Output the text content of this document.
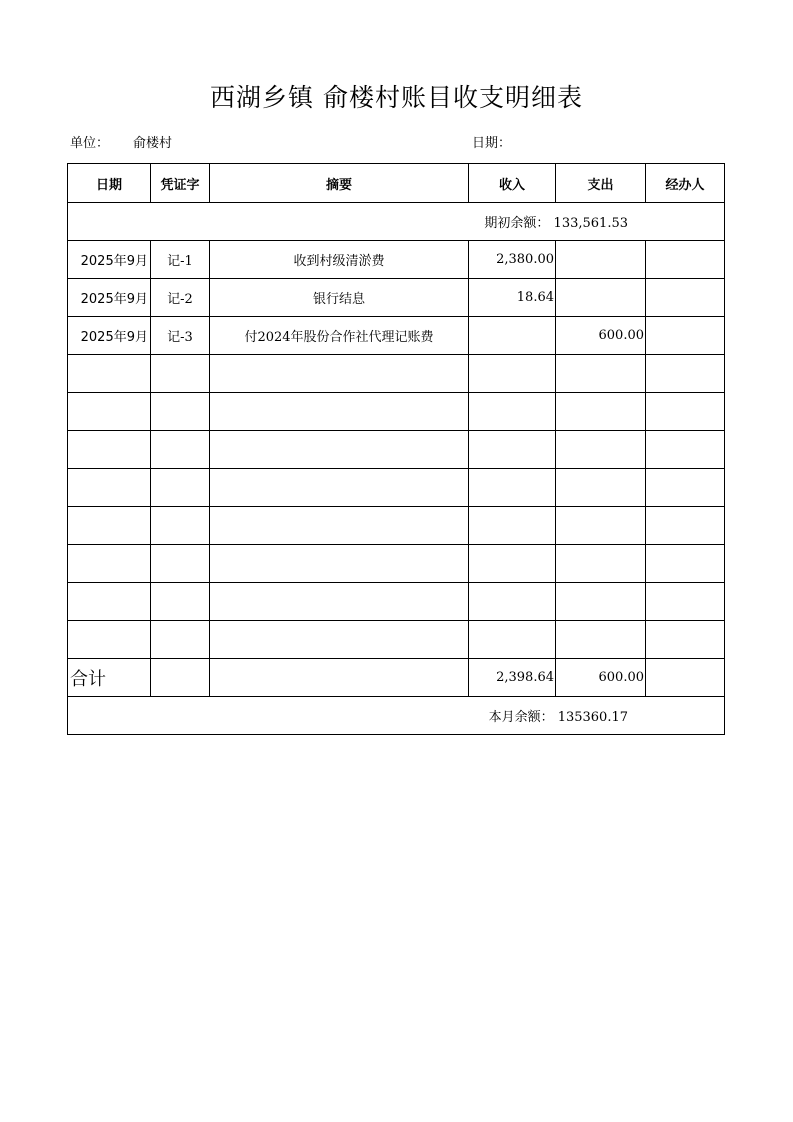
西湖乡镇 俞楼村账目收支明细表
单位： 俞楼村	日期：
日期	凭证字	摘要	收入	支出	经办人
期初余额： 133,561.53					
2025年9月	记-1	收到村级清淤费	2,380.00		
2025年9月	记-2	银行结息	18.64		
2025年9月	记-3	付2024年股份合作社代理记账费		600.00	

合计			2,398.64	600.00	
本月余额： 135360.17					
